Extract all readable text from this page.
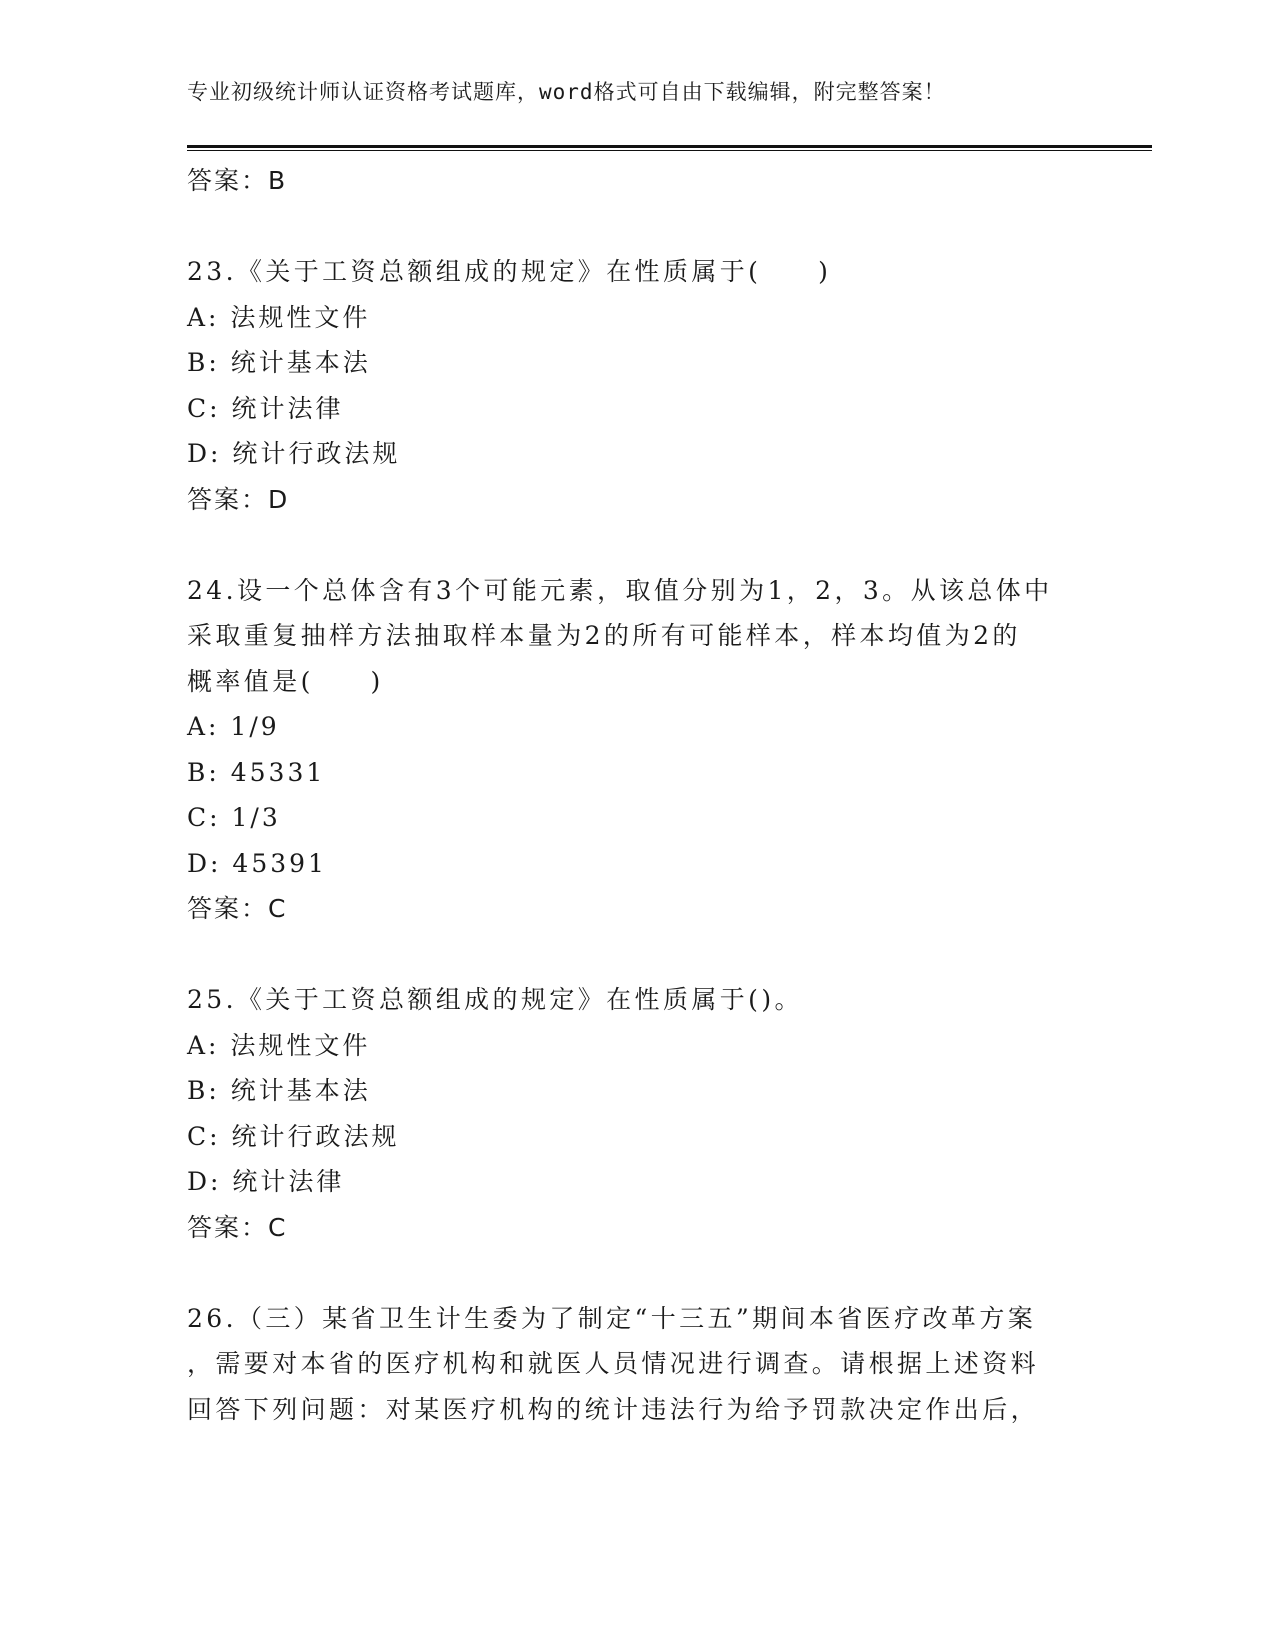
专业初级统计师认证资格考试题库，word格式可自由下载编辑，附完整答案！
答案：B
23.《关于工资总额组成的规定》在性质属于(　　)
A: 法规性文件
B: 统计基本法
C: 统计法律
D: 统计行政法规
答案：D
24.设一个总体含有3个可能元素，取值分别为1，2，3。从该总体中
采取重复抽样方法抽取样本量为2的所有可能样本，样本均值为2的
概率值是(　　)
A: 1/9
B: 45331
C: 1/3
D: 45391
答案：C
25.《关于工资总额组成的规定》在性质属于()。
A: 法规性文件
B: 统计基本法
C: 统计行政法规
D: 统计法律
答案：C
26.（三）某省卫生计生委为了制定“十三五”期间本省医疗改革方案
，需要对本省的医疗机构和就医人员情况进行调查。请根据上述资料
回答下列问题：对某医疗机构的统计违法行为给予罚款决定作出后，
